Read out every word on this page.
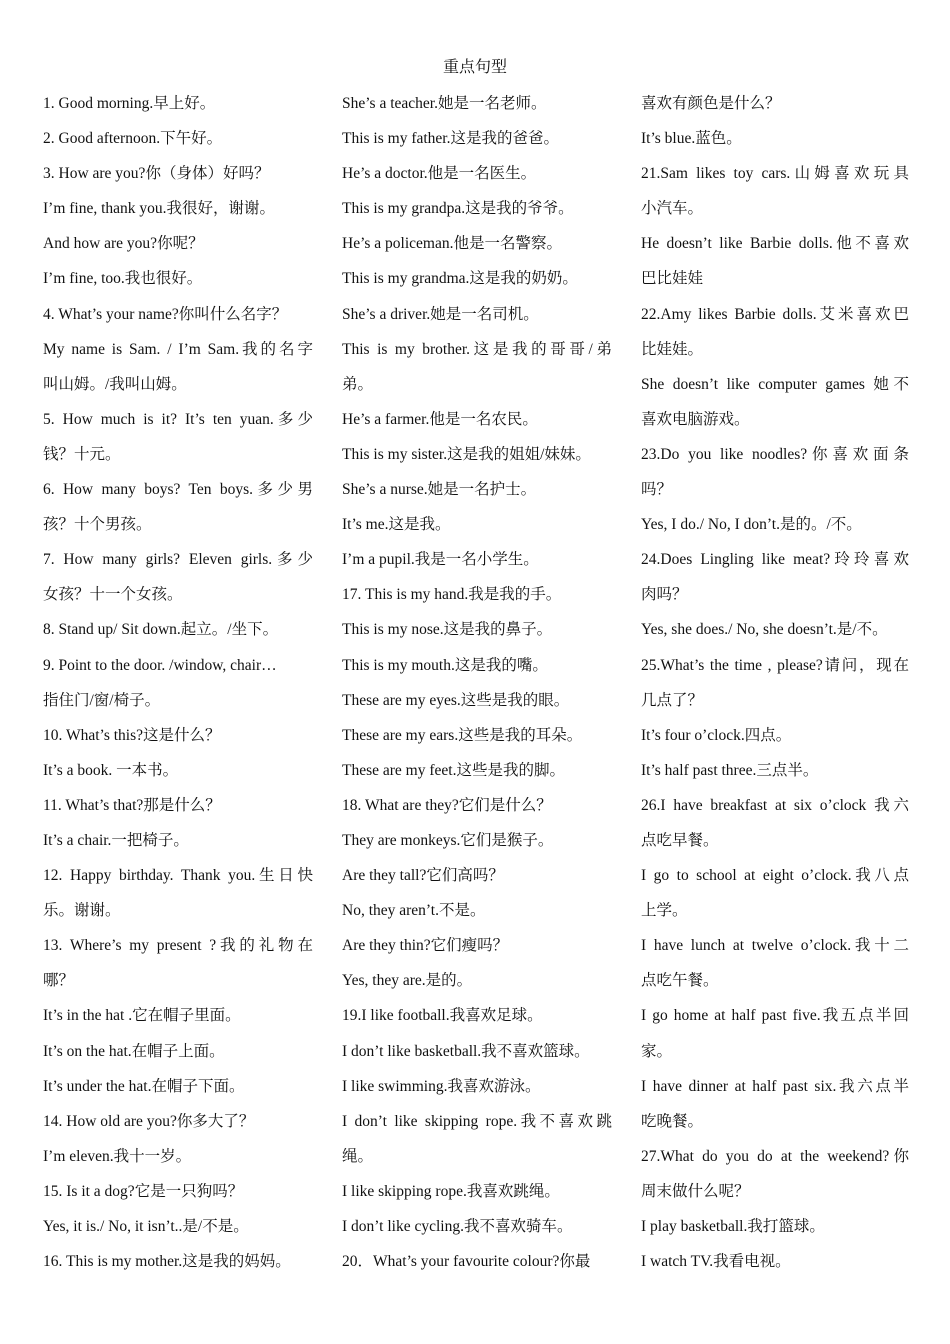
重点句型
1. Good morning.早上好。
2. Good afternoon.下午好。
3. How are you?你（身体）好吗？
I’m fine, thank you.我很好，谢谢。
And how are you?你呢？
I’m fine, too.我也很好。
4. What’s your name?你叫什么名字？
My name is Sam. / I’m Sam.我的名字
叫山姆。/我叫山姆。
5. How much is it? It’s ten yuan.多少
钱？十元。
6. How many boys? Ten boys.多少男
孩？十个男孩。
7. How many girls? Eleven girls.多少
女孩？十一个女孩。
8. Stand up/ Sit down.起立。/坐下。
9. Point to the door. /window, chair…
指住门/窗/椅子。
10. What’s this?这是什么？
It’s a book. 一本书。
11. What’s that?那是什么？
It’s a chair.一把椅子。
12. Happy birthday. Thank you.生日快
乐。谢谢。
13. Where’s my present ?我的礼物在
哪？
It’s in the hat .它在帽子里面。
It’s on the hat.在帽子上面。
It’s under the hat.在帽子下面。
14. How old are you?你多大了？
I’m eleven.我十一岁。
15. Is it a dog?它是一只狗吗？
Yes, it is./ No, it isn’t..是/不是。
16. This is my mother.这是我的妈妈。
She’s a teacher.她是一名老师。
This is my father.这是我的爸爸。
He’s a doctor.他是一名医生。
This is my grandpa.这是我的爷爷。
He’s a policeman.他是一名警察。
This is my grandma.这是我的奶奶。
She’s a driver.她是一名司机。
This is my brother.这是我的哥哥/弟
弟。
He’s a farmer.他是一名农民。
This is my sister.这是我的姐姐/妹妹。
She’s a nurse.她是一名护士。
It’s me.这是我。
I’m a pupil.我是一名小学生。
17. This is my hand.我是我的手。
This is my nose.这是我的鼻子。
This is my mouth.这是我的嘴。
These are my eyes.这些是我的眼。
These are my ears.这些是我的耳朵。
These are my feet.这些是我的脚。
18. What are they?它们是什么？
They are monkeys.它们是猴子。
Are they tall?它们高吗？
No, they aren’t.不是。
Are they thin?它们瘦吗？
Yes, they are.是的。
19.I like football.我喜欢足球。
I don’t like basketball.我不喜欢篮球。
I like swimming.我喜欢游泳。
I don’t like skipping rope.我不喜欢跳
绳。
I like skipping rope.我喜欢跳绳。
I don’t like cycling.我不喜欢骑车。
20．What’s your favourite colour?你最
喜欢有颜色是什么？
It’s blue.蓝色。
21.Sam likes toy cars.山姆喜欢玩具
小汽车。
He doesn’t like Barbie dolls.他不喜欢
巴比娃娃
22.Amy likes Barbie dolls.艾米喜欢巴
比娃娃。
She doesn’t like computer games 她不
喜欢电脑游戏。
23.Do you like noodles?你喜欢面条
吗？
Yes, I do./ No, I don’t.是的。/不。
24.Does Lingling like meat?玲玲喜欢
肉吗？
Yes, she does./ No, she doesn’t.是/不。
25.What’s the time , please?请问，现在
几点了？
It’s four o’clock.四点。
It’s half past three.三点半。
26.I have breakfast at six o’clock 我六
点吃早餐。
I go to school at eight o’clock.我八点
上学。
I have lunch at twelve o’clock.我十二
点吃午餐。
I go home at half past five.我五点半回
家。
I have dinner at half past six.我六点半
吃晚餐。
27.What do you do at the weekend?你
周末做什么呢？
I play basketball.我打篮球。
I watch TV.我看电视。
